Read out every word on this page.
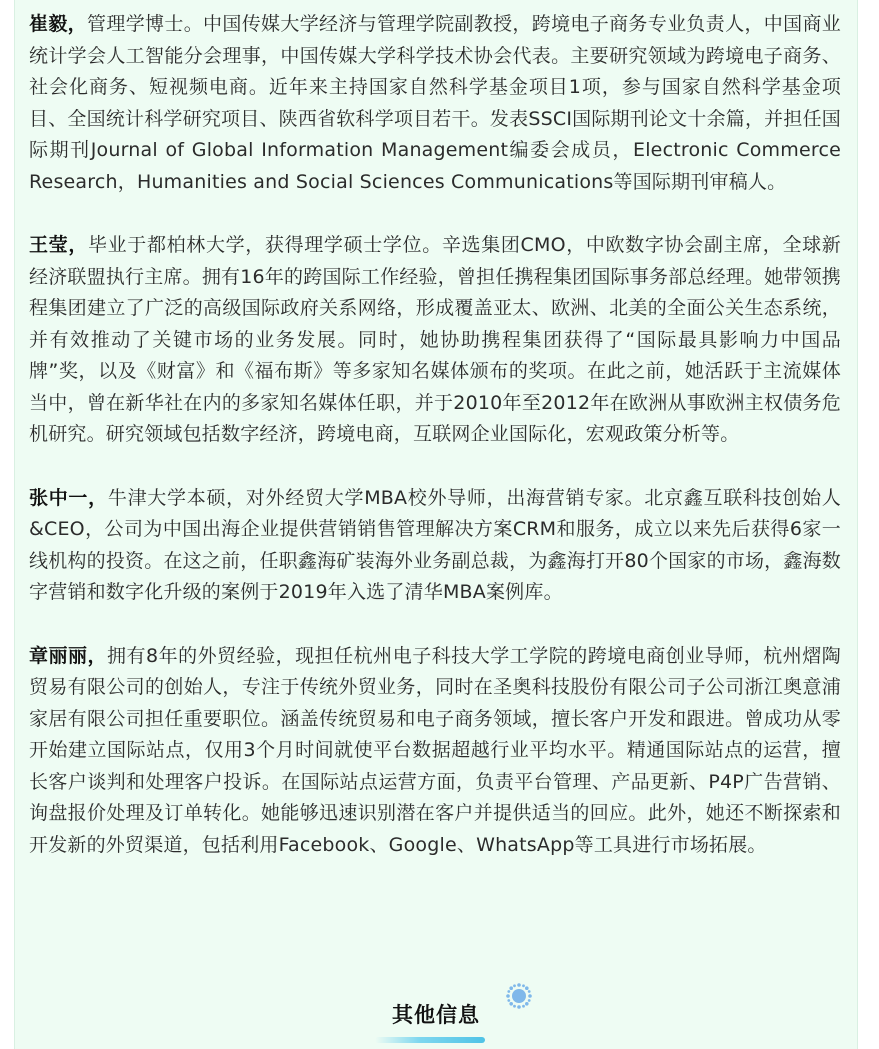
崔毅，管理学博士。中国传媒大学经济与管理学院副教授，跨境电子商务专业负责人，中国商业统计学会人工智能分会理事，中国传媒大学科学技术协会代表。主要研究领域为跨境电子商务、社会化商务、短视频电商。近年来主持国家自然科学基金项目1项，参与国家自然科学基金项目、全国统计科学研究项目、陕西省软科学项目若干。发表SSCI国际期刊论文十余篇，并担任国际期刊Journal of Global Information Management编委会成员，Electronic Commerce Research，Humanities and Social Sciences Communications等国际期刊审稿人。

王莹，毕业于都柏林大学，获得理学硕士学位。辛选集团CMO，中欧数字协会副主席，全球新经济联盟执行主席。拥有16年的跨国际工作经验，曾担任携程集团国际事务部总经理。她带领携程集团建立了广泛的高级国际政府关系网络，形成覆盖亚太、欧洲、北美的全面公关生态系统，并有效推动了关键市场的业务发展。同时，她协助携程集团获得了“国际最具影响力中国品牌”奖，以及《财富》和《福布斯》等多家知名媒体颁布的奖项。在此之前，她活跃于主流媒体当中，曾在新华社在内的多家知名媒体任职，并于2010年至2012年在欧洲从事欧洲主权债务危机研究。研究领域包括数字经济，跨境电商，互联网企业国际化，宏观政策分析等。

张中一，牛津大学本硕，对外经贸大学MBA校外导师，出海营销专家。北京鑫互联科技创始人&CEO，公司为中国出海企业提供营销销售管理解决方案CRM和服务，成立以来先后获得6家一线机构的投资。在这之前，任职鑫海矿装海外业务副总裁，为鑫海打开80个国家的市场，鑫海数字营销和数字化升级的案例于2019年入选了清华MBA案例库。

章丽丽，拥有8年的外贸经验，现担任杭州电子科技大学工学院的跨境电商创业导师，杭州熠陶贸易有限公司的创始人，专注于传统外贸业务，同时在圣奥科技股份有限公司子公司浙江奥意浦家居有限公司担任重要职位。涵盖传统贸易和电子商务领域，擅长客户开发和跟进。曾成功从零开始建立国际站点，仅用3个月时间就使平台数据超越行业平均水平。精通国际站点的运营，擅长客户谈判和处理客户投诉。在国际站点运营方面，负责平台管理、产品更新、P4P广告营销、询盘报价处理及订单转化。她能够迅速识别潜在客户并提供适当的回应。此外，她还不断探索和开发新的外贸渠道，包括利用Facebook、Google、WhatsApp等工具进行市场拓展。

其他信息
